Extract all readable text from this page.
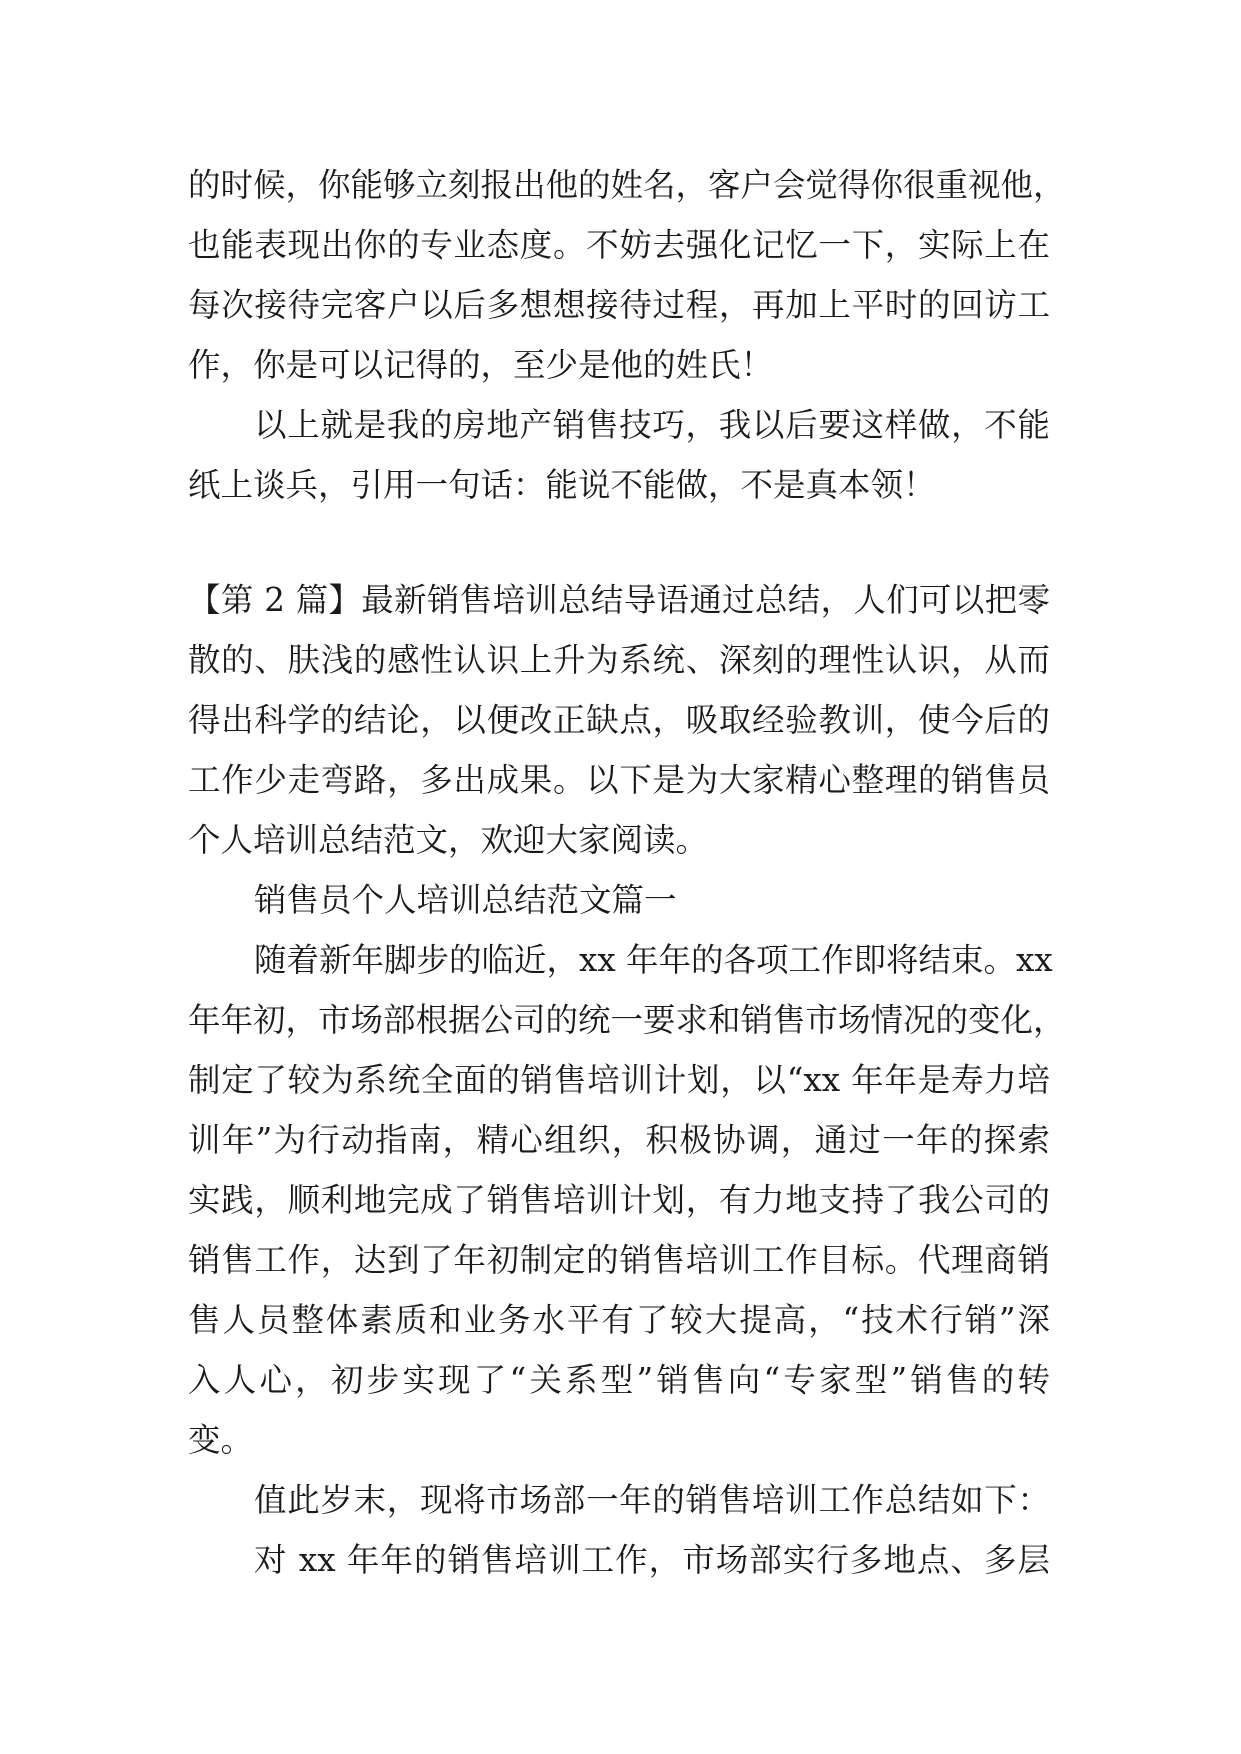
的时候，你能够立刻报出他的姓名，客户会觉得你很重视他，
也能表现出你的专业态度。不妨去强化记忆一下，实际上在
每次接待完客户以后多想想接待过程，再加上平时的回访工
作，你是可以记得的，至少是他的姓氏！
以上就是我的房地产销售技巧，我以后要这样做，不能
纸上谈兵，引用一句话：能说不能做，不是真本领！
【第 2 篇】最新销售培训总结导语通过总结，人们可以把零
散的、肤浅的感性认识上升为系统、深刻的理性认识，从而
得出科学的结论，以便改正缺点，吸取经验教训，使今后的
工作少走弯路，多出成果。以下是为大家精心整理的销售员
个人培训总结范文，欢迎大家阅读。
销售员个人培训总结范文篇一
随着新年脚步的临近，xx 年年的各项工作即将结束。xx
年年初，市场部根据公司的统一要求和销售市场情况的变化，
制定了较为系统全面的销售培训计划，以“xx 年年是寿力培
训年”为行动指南，精心组织，积极协调，通过一年的探索
实践，顺利地完成了销售培训计划，有力地支持了我公司的
销售工作，达到了年初制定的销售培训工作目标。代理商销
售人员整体素质和业务水平有了较大提高，“技术行销”深
入人心，初步实现了“关系型”销售向“专家型”销售的转
变。
值此岁末，现将市场部一年的销售培训工作总结如下：
对 xx 年年的销售培训工作，市场部实行多地点、多层
